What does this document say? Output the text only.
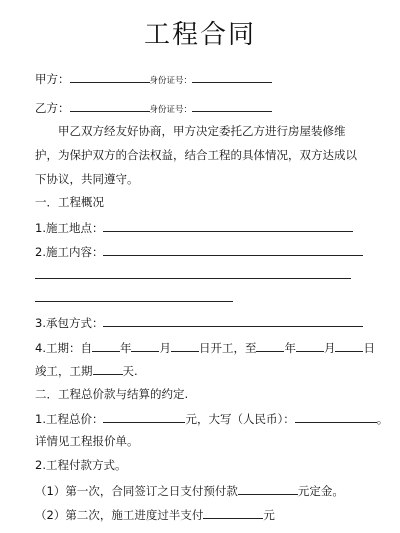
工程合同
甲方：	身份证号：
乙方：	身份证号：
甲乙双方经友好协商，甲方决定委托乙方进行房屋装修维护，为保护双方的合法权益，结合工程的具体情况，双方达成以下协议，共同遵守。
一．工程概况
1.施工地点：
2.施工内容：
3.承包方式：
4.工期：自 年 月 日开工，至 年 月 日
竣工，工期	天.
二．工程总价款与结算的约定.
1.工程总价：	元，大写（人民币）：	。
详情见工程报价单。
2.工程付款方式。
（1）第一次，合同签订之日支付预付款	元定金。
（2）第二次，施工进度过半支付	元
